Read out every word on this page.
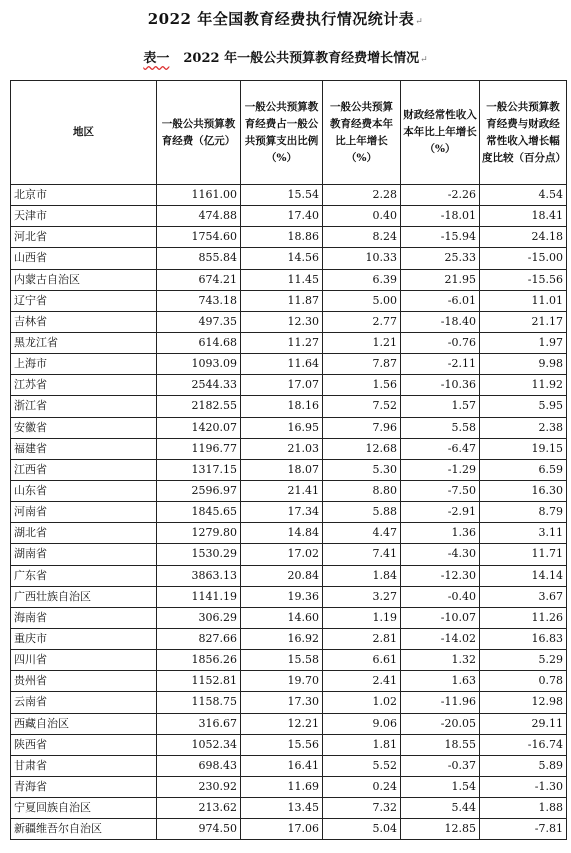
2022 年全国教育经费执行情况统计表↵
表一 2022 年一般公共预算教育经费增长情况↵
地区	一般公共预算教育经费（亿元）	一般公共预算教育经费占一般公共预算支出比例（%）	一般公共预算教育经费本年比上年增长（%）	财政经常性收入本年比上年增长（%）	一般公共预算教育经费与财政经常性收入增长幅度比较（百分点）

北京市	1161.00	15.54	2.28	-2.26	4.54
天津市	474.88	17.40	0.40	-18.01	18.41
河北省	1754.60	18.86	8.24	-15.94	24.18
山西省	855.84	14.56	10.33	25.33	-15.00
内蒙古自治区	674.21	11.45	6.39	21.95	-15.56
辽宁省	743.18	11.87	5.00	-6.01	11.01
吉林省	497.35	12.30	2.77	-18.40	21.17
黑龙江省	614.68	11.27	1.21	-0.76	1.97
上海市	1093.09	11.64	7.87	-2.11	9.98
江苏省	2544.33	17.07	1.56	-10.36	11.92
浙江省	2182.55	18.16	7.52	1.57	5.95
安徽省	1420.07	16.95	7.96	5.58	2.38
福建省	1196.77	21.03	12.68	-6.47	19.15
江西省	1317.15	18.07	5.30	-1.29	6.59
山东省	2596.97	21.41	8.80	-7.50	16.30
河南省	1845.65	17.34	5.88	-2.91	8.79
湖北省	1279.80	14.84	4.47	1.36	3.11
湖南省	1530.29	17.02	7.41	-4.30	11.71
广东省	3863.13	20.84	1.84	-12.30	14.14
广西壮族自治区	1141.19	19.36	3.27	-0.40	3.67
海南省	306.29	14.60	1.19	-10.07	11.26
重庆市	827.66	16.92	2.81	-14.02	16.83
四川省	1856.26	15.58	6.61	1.32	5.29
贵州省	1152.81	19.70	2.41	1.63	0.78
云南省	1158.75	17.30	1.02	-11.96	12.98
西藏自治区	316.67	12.21	9.06	-20.05	29.11
陕西省	1052.34	15.56	1.81	18.55	-16.74
甘肃省	698.43	16.41	5.52	-0.37	5.89
青海省	230.92	11.69	0.24	1.54	-1.30
宁夏回族自治区	213.62	13.45	7.32	5.44	1.88
新疆维吾尔自治区	974.50	17.06	5.04	12.85	-7.81
